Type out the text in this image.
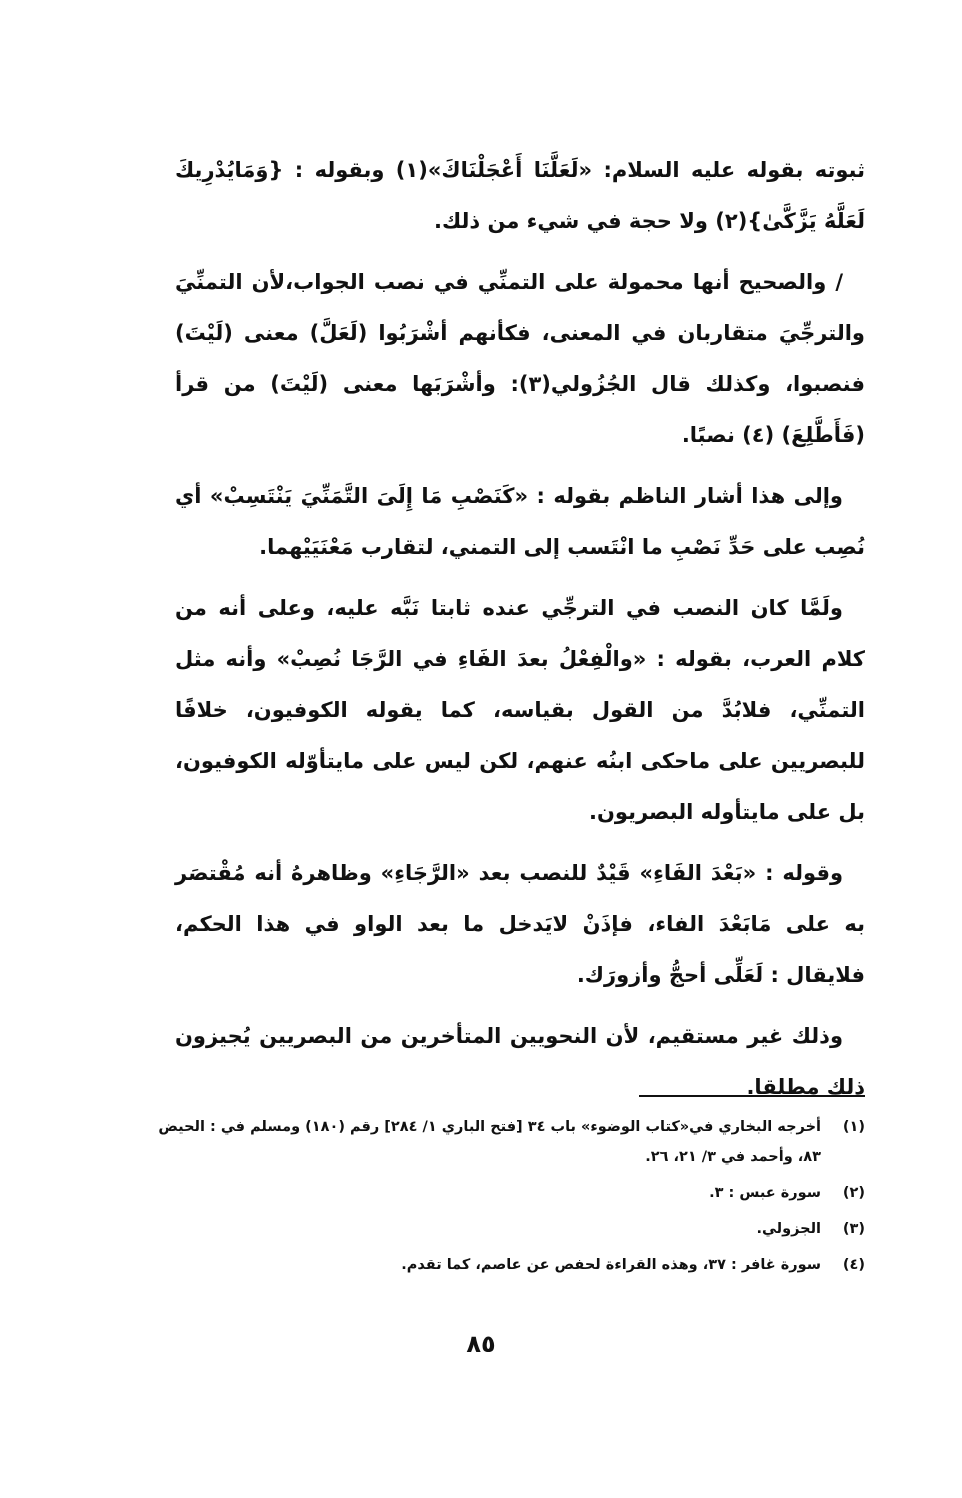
ثبوته بقوله عليه السلام: «لَعَلَّنَا أَعْجَلْنَاكَ»(١) وبقوله : {وَمَايُدْرِيكَ لَعَلَّهُ يَزَّكَّىٰ}(٢) ولا حجة في شيء من ذلك.

/ والصحيح أنها محمولة على التمنِّي في نصب الجواب،لأن التمنِّيَ والترجِّيَ متقاربان في المعنى، فكأنهم أشْرَبُوا (لَعَلَّ) معنى (لَيْتَ) فنصبوا، وكذلك قال الجُزُولي(٣): وأشْرَبَها معنى (لَيْتَ) من قرأ (فَأَطَّلِعَ) (٤) نصبًا.

وإلى هذا أشار الناظم بقوله : «كَنَصْبِ مَا إِلَىَ التَّمَنِّيَ يَنْتَسِبْ» أي نُصِب على حَدِّ نَصْبِ ما انْتَسب إلى التمني، لتقارب مَعْنَيَيْهما.

ولَمَّا كان النصب في الترجِّي عنده ثابتا نَبَّه عليه، وعلى أنه من كلام العرب، بقوله : «والْفِعْلُ بعدَ الفَاءِ في الرَّجَا نُصِبْ» وأنه مثل التمنِّي، فلابُدَّ من القول بقياسه، كما يقوله الكوفيون، خلافًا للبصريين على ماحكى ابنُه عنهم، لكن ليس على مايتأوّله الكوفيون، بل على مايتأوله البصريون.

وقوله : «بَعْدَ الفَاءِ» قَيْدٌ للنصب بعد «الرَّجَاءِ» وظاهرهُ أنه مُقْتصَر به على مَابَعْدَ الفاء، فإذَنْ لايَدخل ما بعد الواو في هذا الحكم، فلايقال : لَعَلِّى أحجُّ وأزورَك.

وذلك غير مستقيم، لأن النحويين المتأخرين من البصريين يُجيزون ذلك مطلقا.

(١)
أخرجه البخاري في«كتاب الوضوء» باب ٣٤ [فتح الباري ١/ ٢٨٤] رقم (١٨٠) ومسلم في : الحيض ٨٣، وأحمد في ٣/ ٢١، ٢٦.
(٢)
سورة عبس : ٣.
(٣)
الجزولي.
(٤)
سورة غافر : ٣٧، وهذه القراءة لحفص عن عاصم، كما تقدم.
٨٥
